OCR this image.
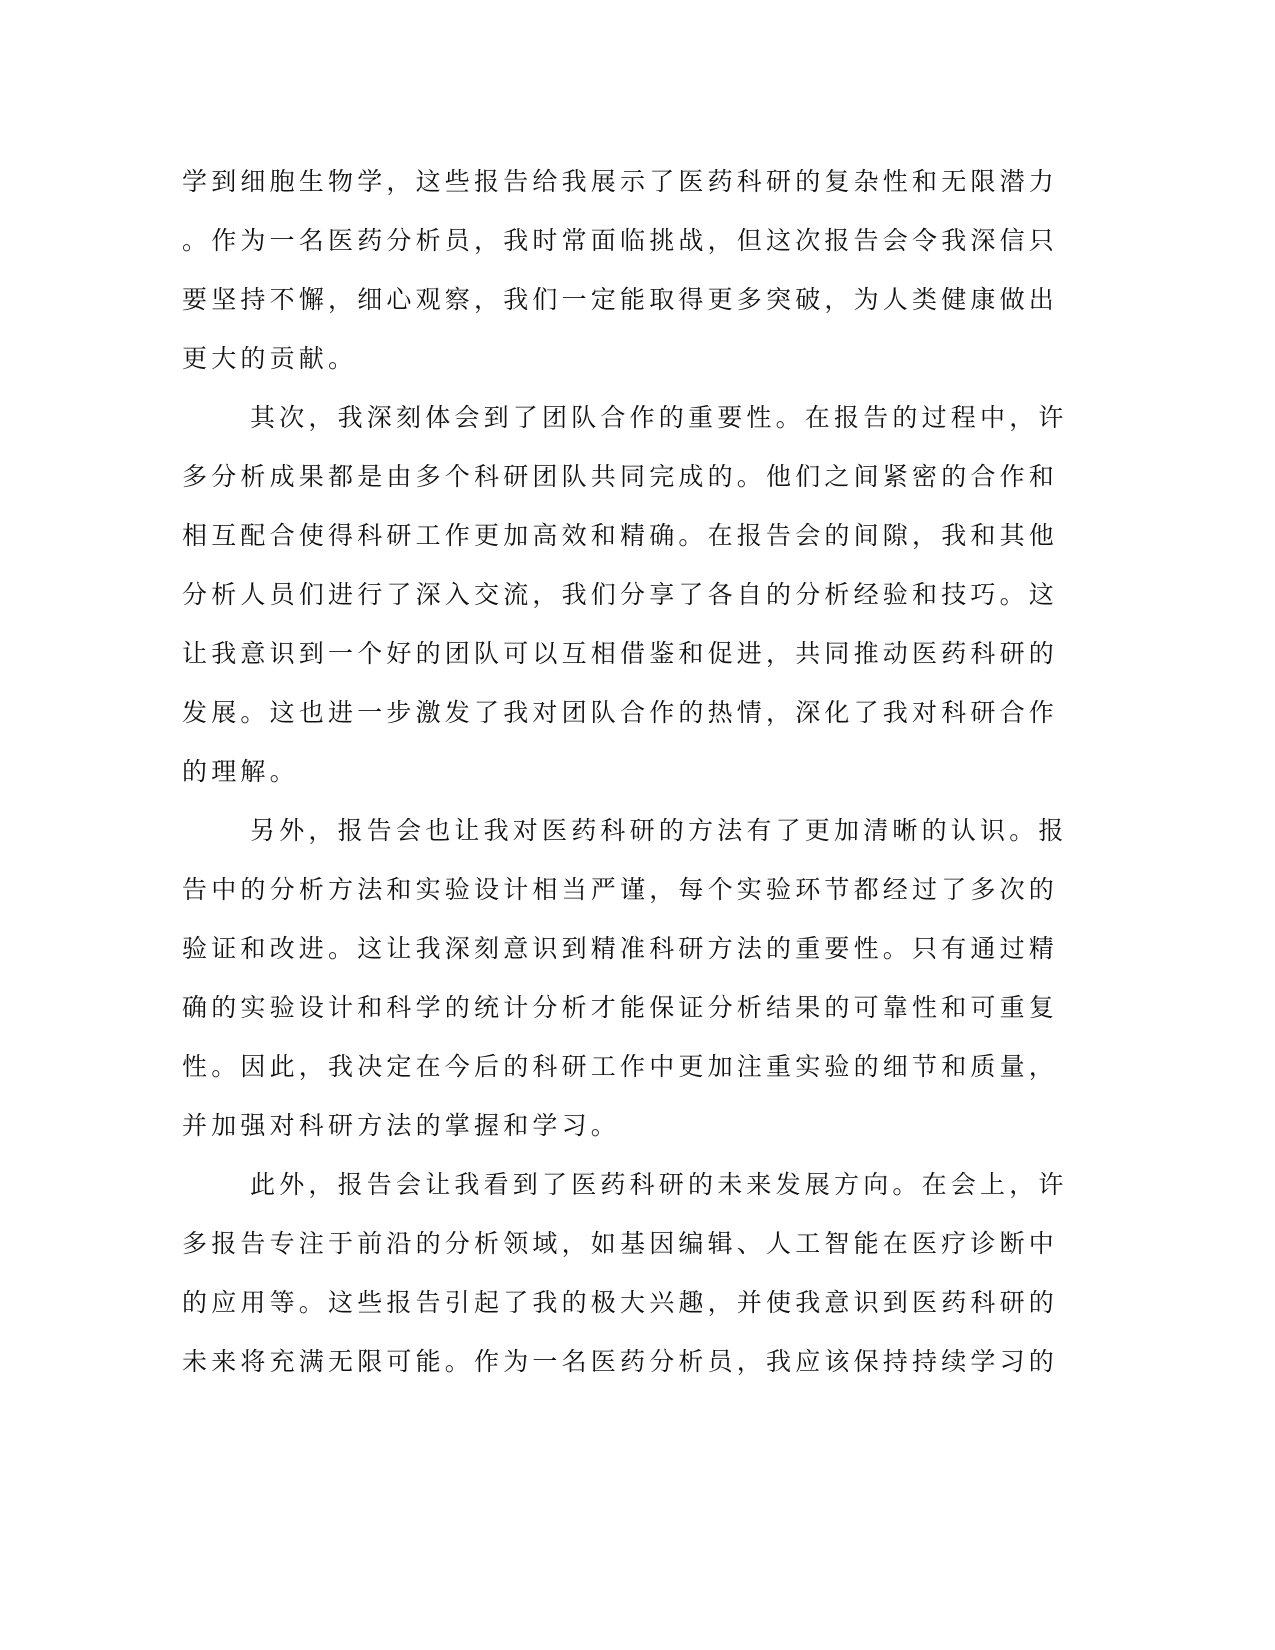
学到细胞生物学，这些报告给我展示了医药科研的复杂性和无限潜力
。作为一名医药分析员，我时常面临挑战，但这次报告会令我深信只
要坚持不懈，细心观察，我们一定能取得更多突破，为人类健康做出
更大的贡献。
其次，我深刻体会到了团队合作的重要性。在报告的过程中，许
多分析成果都是由多个科研团队共同完成的。他们之间紧密的合作和
相互配合使得科研工作更加高效和精确。在报告会的间隙，我和其他
分析人员们进行了深入交流，我们分享了各自的分析经验和技巧。这
让我意识到一个好的团队可以互相借鉴和促进，共同推动医药科研的
发展。这也进一步激发了我对团队合作的热情，深化了我对科研合作
的理解。
另外，报告会也让我对医药科研的方法有了更加清晰的认识。报
告中的分析方法和实验设计相当严谨，每个实验环节都经过了多次的
验证和改进。这让我深刻意识到精准科研方法的重要性。只有通过精
确的实验设计和科学的统计分析才能保证分析结果的可靠性和可重复
性。因此，我决定在今后的科研工作中更加注重实验的细节和质量，
并加强对科研方法的掌握和学习。
此外，报告会让我看到了医药科研的未来发展方向。在会上，许
多报告专注于前沿的分析领域，如基因编辑、人工智能在医疗诊断中
的应用等。这些报告引起了我的极大兴趣，并使我意识到医药科研的
未来将充满无限可能。作为一名医药分析员，我应该保持持续学习的
